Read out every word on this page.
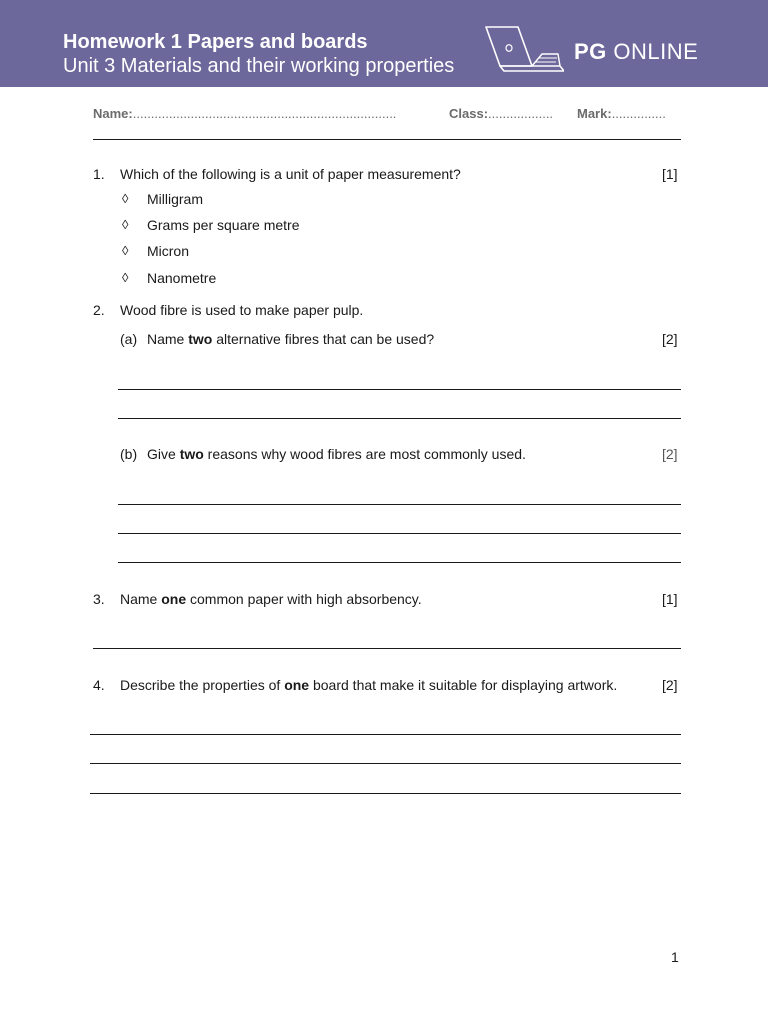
Homework 1 Papers and boards
Unit 3 Materials and their working properties
PG ONLINE
Name:.........................................................................	Class:.................. Mark:...............
1. Which of the following is a unit of paper measurement?	[1]
◊ Milligram
◊ Grams per square metre
◊ Micron
◊ Nanometre
2. Wood fibre is used to make paper pulp.
(a) Name two alternative fibres that can be used?	[2]
(b) Give two reasons why wood fibres are most commonly used.	[2]
3. Name one common paper with high absorbency.	[1]
4. Describe the properties of one board that make it suitable for displaying artwork.	[2]
1
